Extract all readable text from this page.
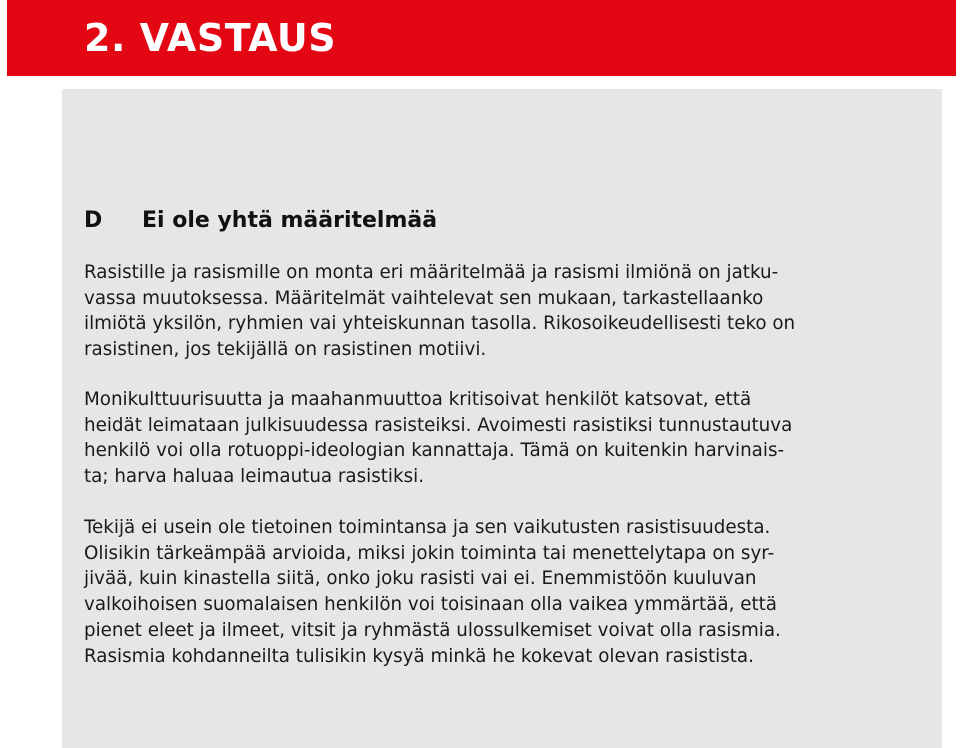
2. VASTAUS
D Ei ole yhtä määritelmää
Rasistille ja rasismille on monta eri määritelmää ja rasismi ilmiönä on jatku-
vassa muutoksessa. Määritelmät vaihtelevat sen mukaan, tarkastellaanko
ilmiötä yksilön, ryhmien vai yhteiskunnan tasolla. Rikosoikeudellisesti teko on
rasistinen, jos tekijällä on rasistinen motiivi.
Monikulttuurisuutta ja maahanmuuttoa kritisoivat henkilöt katsovat, että
heidät leimataan julkisuudessa rasisteiksi. Avoimesti rasistiksi tunnustautuva
henkilö voi olla rotuoppi-ideologian kannattaja. Tämä on kuitenkin harvinais-
ta; harva haluaa leimautua rasistiksi.
Tekijä ei usein ole tietoinen toimintansa ja sen vaikutusten rasistisuudesta.
Olisikin tärkeämpää arvioida, miksi jokin toiminta tai menettelytapa on syr-
jivää, kuin kinastella siitä, onko joku rasisti vai ei. Enemmistöön kuuluvan
valkoihoisen suomalaisen henkilön voi toisinaan olla vaikea ymmärtää, että
pienet eleet ja ilmeet, vitsit ja ryhmästä ulossulkemiset voivat olla rasismia.
Rasismia kohdanneilta tulisikin kysyä minkä he kokevat olevan rasistista.
